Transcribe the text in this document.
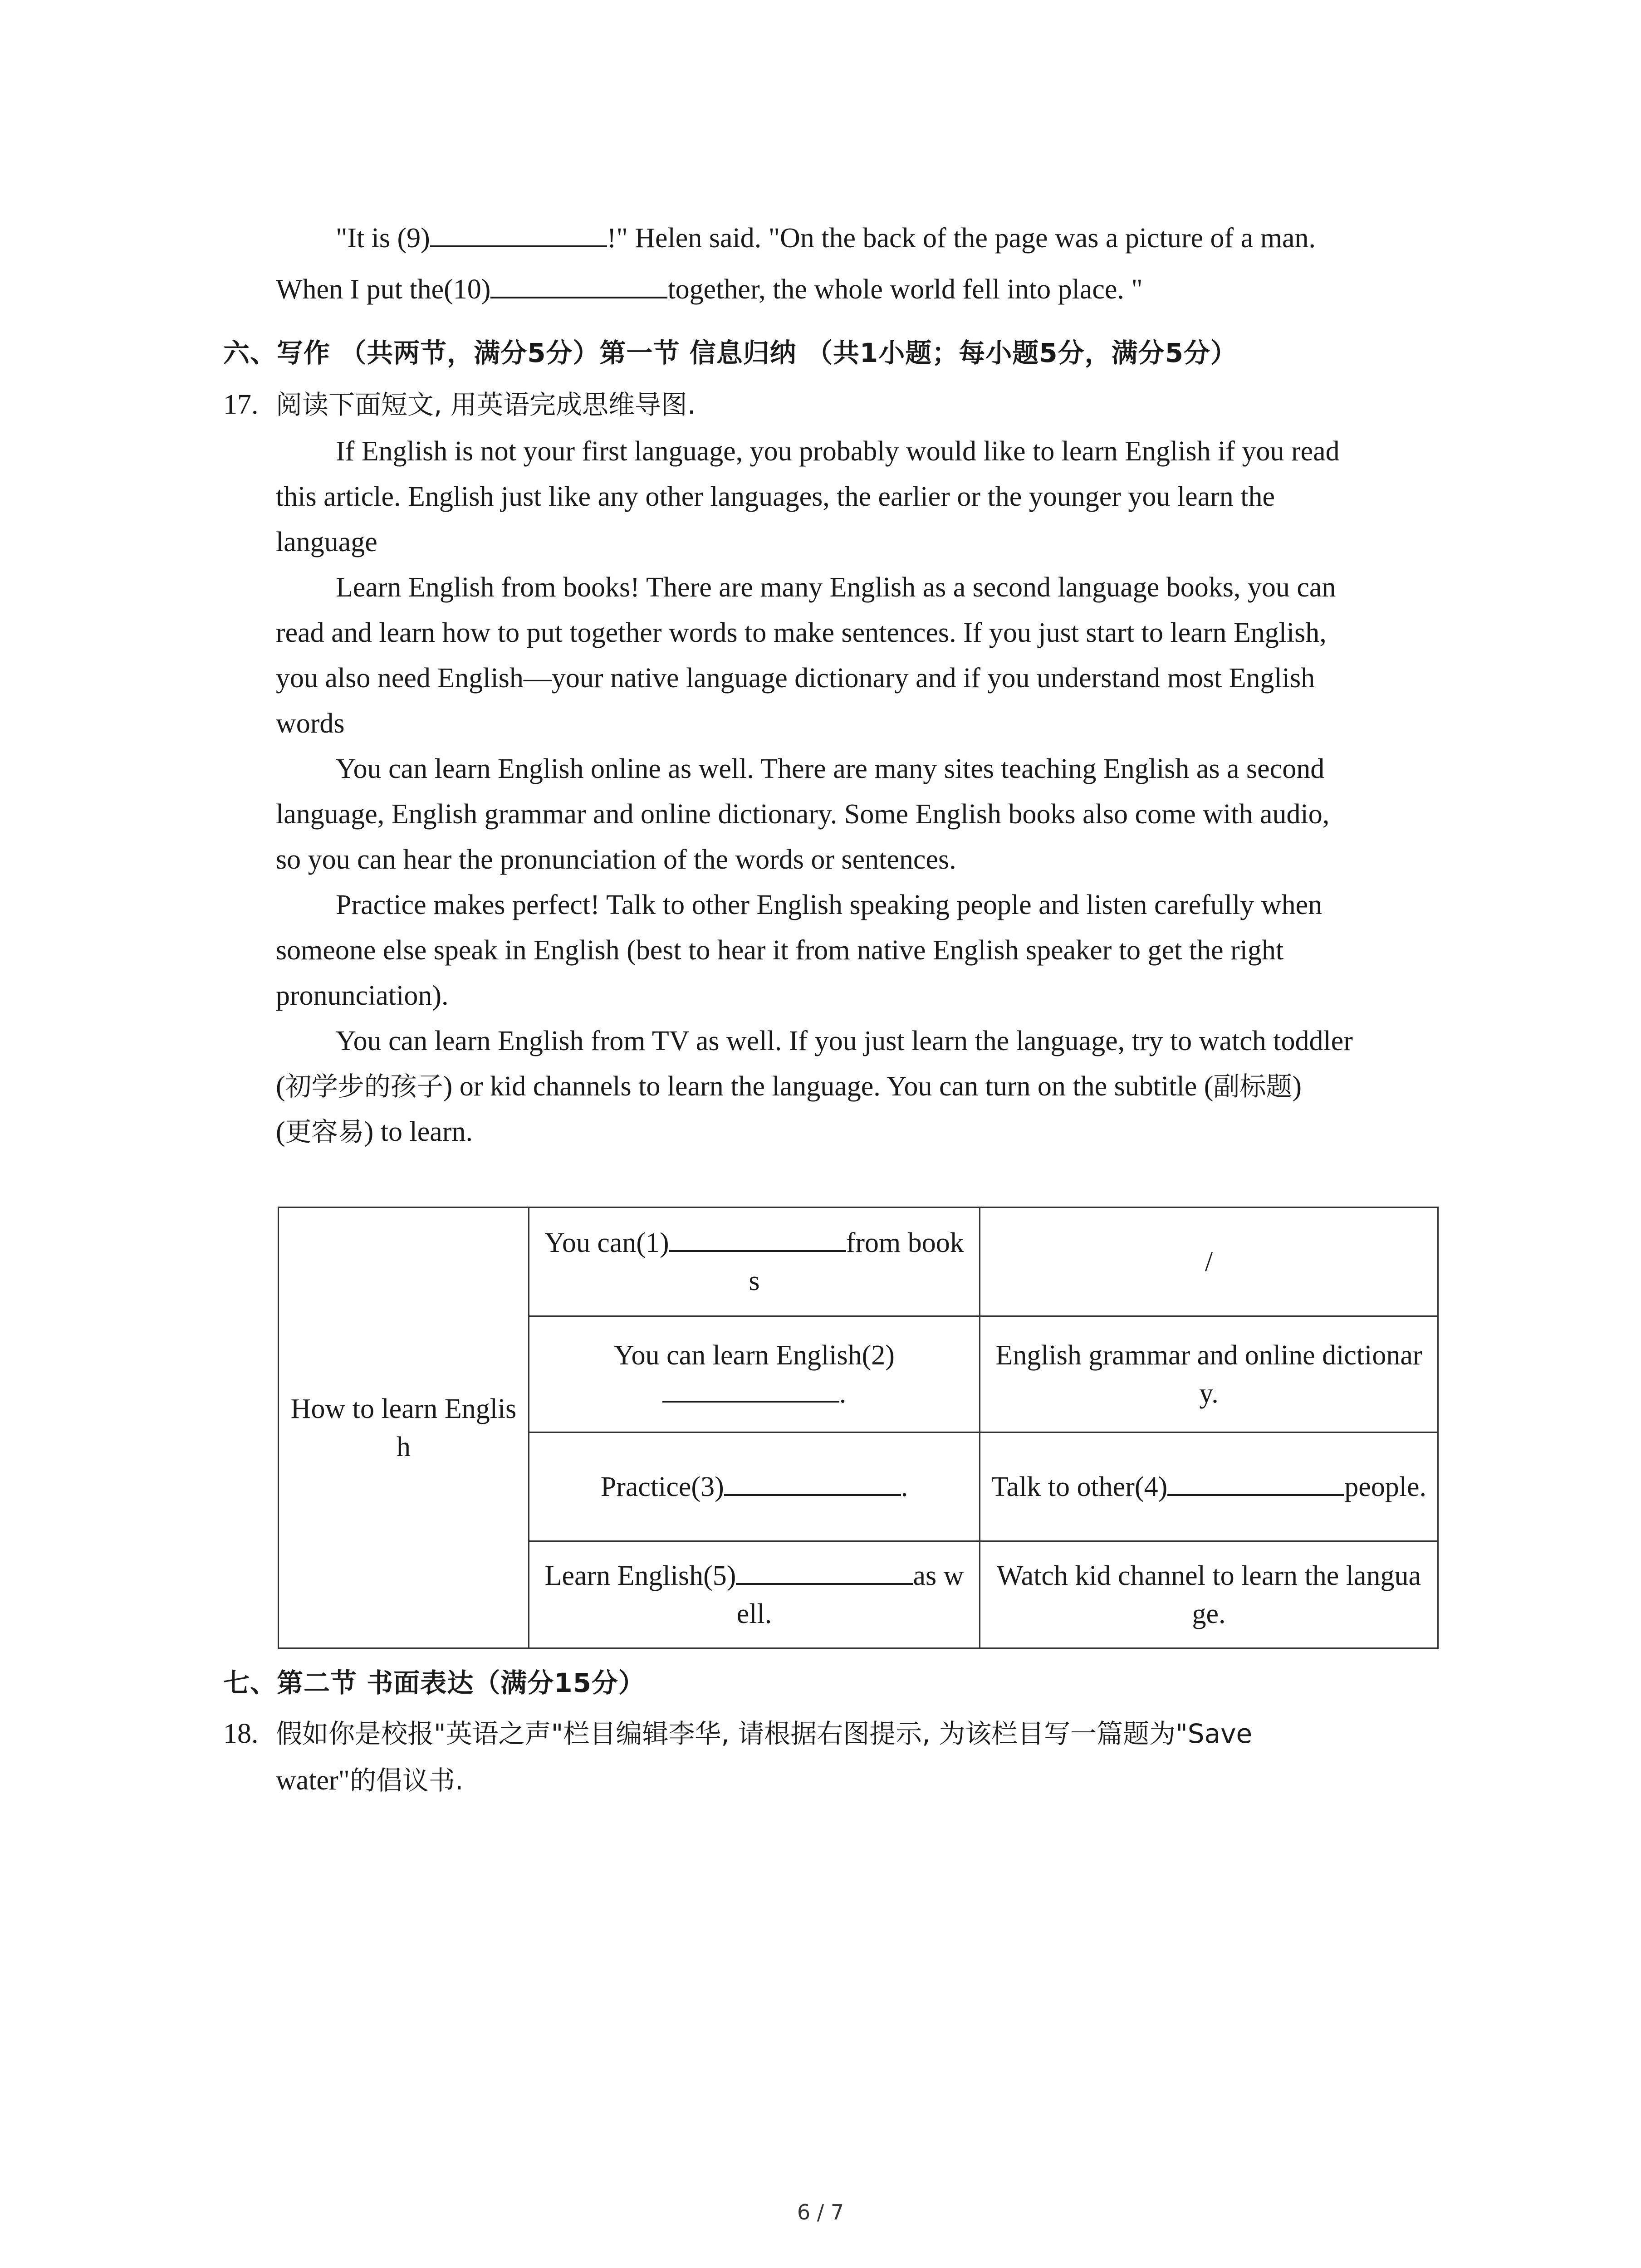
"It is (9)	!" Helen said. "On the back of the page was a picture of a man.
When I put the(10)	together, the whole world fell into place. "
六、写作 （共两节，满分5分）第一节 信息归纳 （共1小题；每小题5分，满分5分）
17. 阅读下面短文, 用英语完成思维导图.
If English is not your first language, you probably would like to learn English if you read
this article. English just like any other languages, the earlier or the younger you learn the
language
Learn English from books! There are many English as a second language books, you can
read and learn how to put together words to make sentences. If you just start to learn English,
you also need English—your native language dictionary and if you understand most English
words
You can learn English online as well. There are many sites teaching English as a second
language, English grammar and online dictionary. Some English books also come with audio,
so you can hear the pronunciation of the words or sentences.
Practice makes perfect! Talk to other English speaking people and listen carefully when
someone else speak in English (best to hear it from native English speaker to get the right
pronunciation).
You can learn English from TV as well. If you just learn the language, try to watch toddler
(初学步的孩子) or kid channels to learn the language. You can turn on the subtitle (副标题)
(更容易) to learn.
How to learn English	You can(1) from books	/
	You can learn English(2).	English grammar and online dictionary.
	Practice(3) .	Talk to other(4) people.
	Learn English(5) as well.	Watch kid channel to learn the language.
七、第二节 书面表达（满分15分）
18. 假如你是校报"英语之声"栏目编辑李华, 请根据右图提示, 为该栏目写一篇题为"Save
water"的倡议书.
6 / 7
